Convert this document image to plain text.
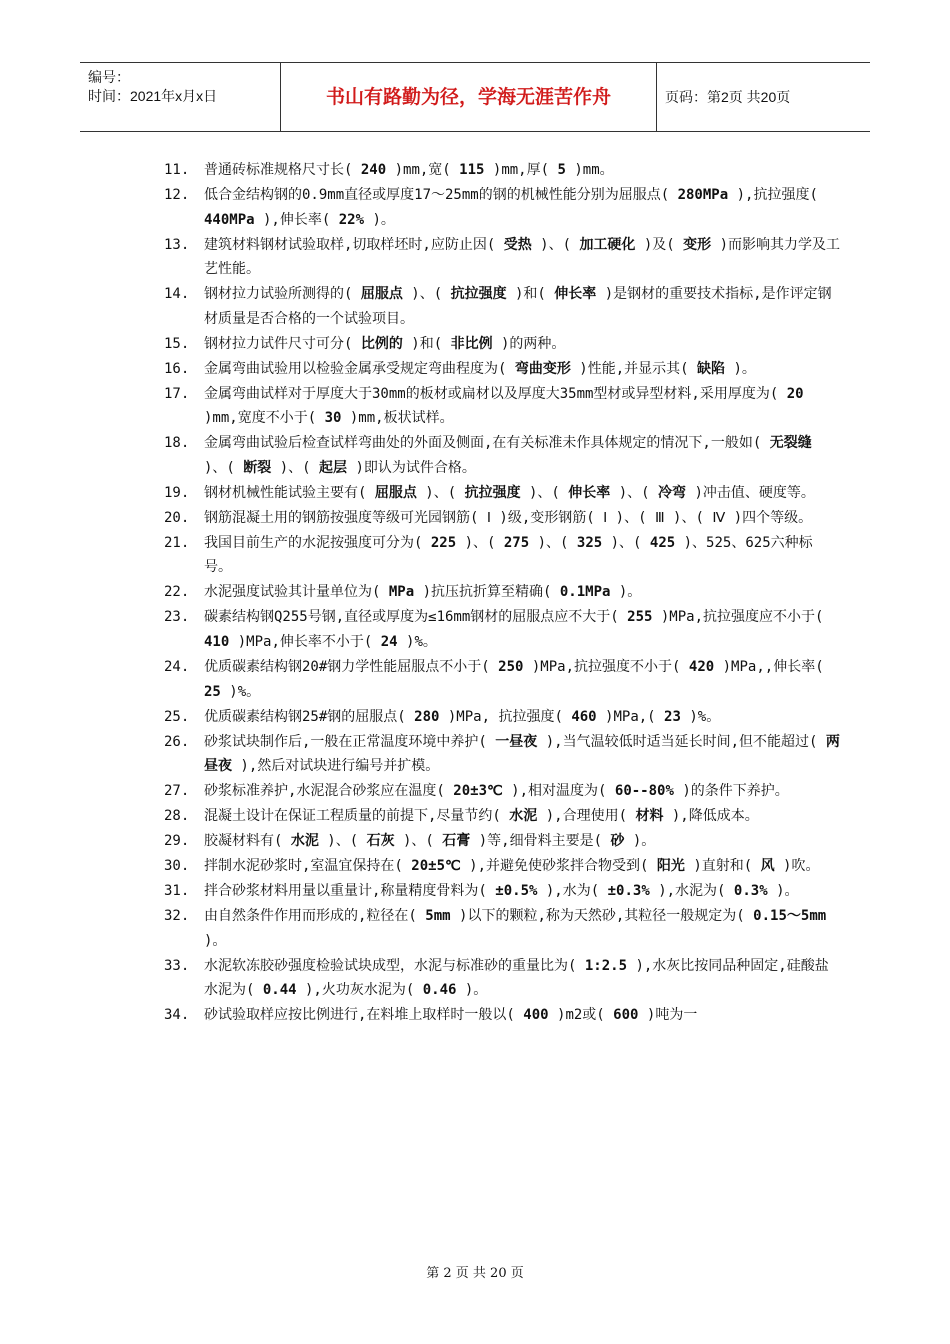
编号：
时间：2021年x月x日	书山有路勤为径，学海无涯苦作舟	页码：第2页 共20页
11. 普通砖标准规格尺寸长( 240 )mm,宽( 115 )mm,厚( 5 )mm。
12. 低合金结构钢的0.9mm直径或厚度17～25mm的钢的机械性能分别为屈服点( 280MPa ),抗拉强度( 440MPa ),伸长率( 22% )。
13. 建筑材料钢材试验取样,切取样坯时,应防止因( 受热 )、( 加工硬化 )及( 变形 )而影响其力学及工艺性能。
14. 钢材拉力试验所测得的( 屈服点 )、( 抗拉强度 )和( 伸长率 )是钢材的重要技术指标,是作评定钢材质量是否合格的一个试验项目。
15. 钢材拉力试件尺寸可分( 比例的 )和( 非比例 )的两种。
16. 金属弯曲试验用以检验金属承受规定弯曲程度为( 弯曲变形 )性能,并显示其( 缺陷 )。
17. 金属弯曲试样对于厚度大于30mm的板材或扁材以及厚度大35mm型材或异型材料,采用厚度为( 20 )mm,宽度不小于( 30 )mm,板状试样。
18. 金属弯曲试验后检查试样弯曲处的外面及侧面,在有关标准未作具体规定的情况下,一般如( 无裂缝 )、( 断裂 )、( 起层 )即认为试件合格。
19. 钢材机械性能试验主要有( 屈服点 )、( 抗拉强度 )、( 伸长率 )、( 冷弯 )冲击值、硬度等。
20. 钢筋混凝土用的钢筋按强度等级可光园钢筋( Ⅰ )级,变形钢筋( Ⅰ )、( Ⅲ )、( Ⅳ )四个等级。
21. 我国目前生产的水泥按强度可分为( 225 )、( 275 )、( 325 )、( 425 )、525、625六种标号。
22. 水泥强度试验其计量单位为( MPa )抗压抗折算至精确( 0.1MPa )。
23. 碳素结构钢Q255号钢,直径或厚度为≤16mm钢材的屈服点应不大于( 255 )MPa,抗拉强度应不小于( 410 )MPa,伸长率不小于( 24 )%。
24. 优质碳素结构钢20#钢力学性能屈服点不小于( 250 )MPa,抗拉强度不小于( 420 )MPa,,伸长率( 25 )%。
25. 优质碳素结构钢25#钢的屈服点( 280 )MPa, 抗拉强度( 460 )MPa,( 23 )%。
26. 砂浆试块制作后,一般在正常温度环境中养护( 一昼夜 ),当气温较低时适当延长时间,但不能超过( 两昼夜 ),然后对试块进行编号并扩模。
27. 砂浆标准养护,水泥混合砂浆应在温度( 20±3℃ ),相对温度为( 60--80% )的条件下养护。
28. 混凝土设计在保证工程质量的前提下,尽量节约( 水泥 ),合理使用( 材料 ),降低成本。
29. 胶凝材料有( 水泥 )、( 石灰 )、( 石膏 )等,细骨料主要是( 砂 )。
30. 拌制水泥砂浆时,室温宜保持在( 20±5℃ ),并避免使砂浆拌合物受到( 阳光 )直射和( 风 )吹。
31. 拌合砂浆材料用量以重量计,称量精度骨料为( ±0.5% ),水为( ±0.3% ),水泥为( 0.3% )。
32. 由自然条件作用而形成的,粒径在( 5mm )以下的颗粒,称为天然砂,其粒径一般规定为( 0.15～5mm )。
33. 水泥软冻胶砂强度检验试块成型，水泥与标准砂的重量比为( 1:2.5 ),水灰比按同品种固定,硅酸盐水泥为( 0.44 ),火功灰水泥为( 0.46 )。
34. 砂试验取样应按比例进行,在料堆上取样时一般以( 400 )m2或( 600 )吨为一
第 2 页 共 20 页
